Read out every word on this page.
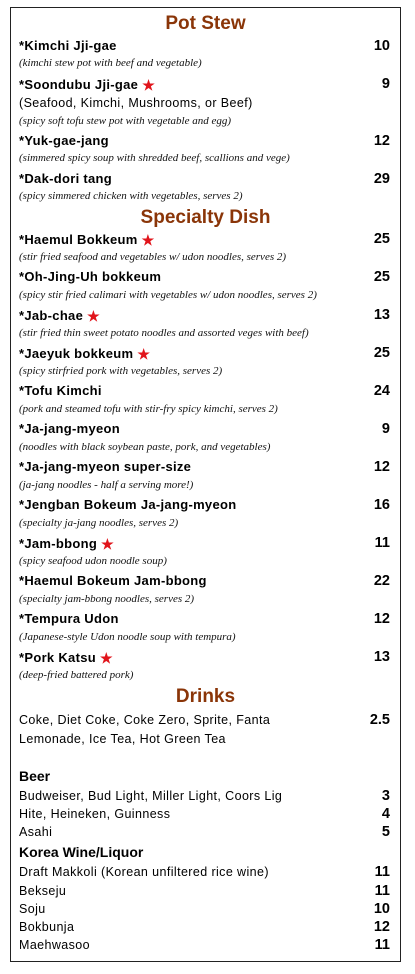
Pot Stew
*Kimchi Jji-gae	10
(kimchi stew pot with beef and vegetable)
*Soondubu Jji-gae ★	9
(Seafood, Kimchi, Mushrooms, or Beef)
(spicy soft tofu stew pot with vegetable and egg)
*Yuk-gae-jang	12
(simmered spicy soup with shredded beef, scallions and vege)
*Dak-dori tang	29
(spicy simmered chicken with vegetables, serves 2)
Specialty Dish
*Haemul Bokkeum ★	25
(stir fried seafood and vegetables w/ udon noodles, serves 2)
*Oh-Jing-Uh bokkeum	25
(spicy stir fried calimari with vegetables w/ udon noodles, serves 2)
*Jab-chae ★	13
(stir fried thin sweet potato noodles and assorted veges with beef)
*Jaeyuk bokkeum ★	25
(spicy stirfried pork with vegetables, serves 2)
*Tofu Kimchi	24
(pork and steamed tofu with stir-fry spicy kimchi, serves 2)
*Ja-jang-myeon	9
(noodles with black soybean paste, pork, and vegetables)
*Ja-jang-myeon super-size	12
(ja-jang noodles - half a serving more!)
*Jengban Bokeum Ja-jang-myeon	16
(specialty ja-jang noodles, serves 2)
*Jam-bbong ★	11
(spicy seafood udon noodle soup)
*Haemul Bokeum Jam-bbong	22
(specialty jam-bbong noodles, serves 2)
*Tempura Udon	12
(Japanese-style Udon noodle soup with tempura)
*Pork Katsu ★	13
(deep-fried battered pork)
Drinks
Coke, Diet Coke, Coke Zero, Sprite, Fanta	2.5
Lemonade, Ice Tea, Hot Green Tea
Beer
Budweiser, Bud Light, Miller Light, Coors Lig	3
Hite, Heineken, Guinness	4
Asahi	5
Korea Wine/Liquor
Draft Makkoli (Korean unfiltered rice wine)	11
Bekseju	11
Soju	10
Bokbunja	12
Maehwasoo	11
